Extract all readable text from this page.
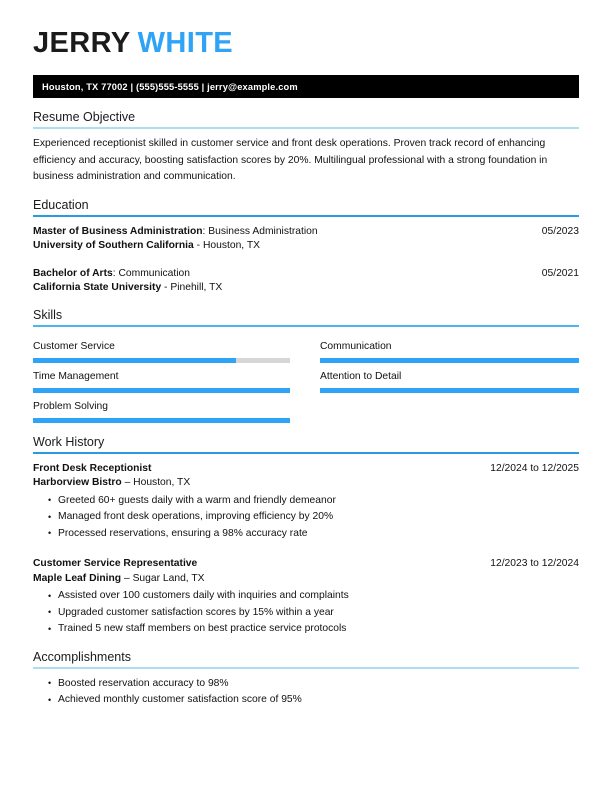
JERRY WHITE
Houston, TX 77002 | (555)555-5555 | jerry@example.com
Resume Objective
Experienced receptionist skilled in customer service and front desk operations. Proven track record of enhancing efficiency and accuracy, boosting satisfaction scores by 20%. Multilingual professional with a strong foundation in business administration and communication.
Education
Master of Business Administration: Business Administration	05/2023
University of Southern California - Houston, TX
Bachelor of Arts: Communication	05/2021
California State University - Pinehill, TX
Skills
Customer Service	Communication
Time Management	Attention to Detail
Problem Solving
Work History
Front Desk Receptionist	12/2024 to 12/2025
Harborview Bistro – Houston, TX
• Greeted 60+ guests daily with a warm and friendly demeanor
• Managed front desk operations, improving efficiency by 20%
• Processed reservations, ensuring a 98% accuracy rate
Customer Service Representative	12/2023 to 12/2024
Maple Leaf Dining – Sugar Land, TX
• Assisted over 100 customers daily with inquiries and complaints
• Upgraded customer satisfaction scores by 15% within a year
• Trained 5 new staff members on best practice service protocols
Accomplishments
• Boosted reservation accuracy to 98%
• Achieved monthly customer satisfaction score of 95%
